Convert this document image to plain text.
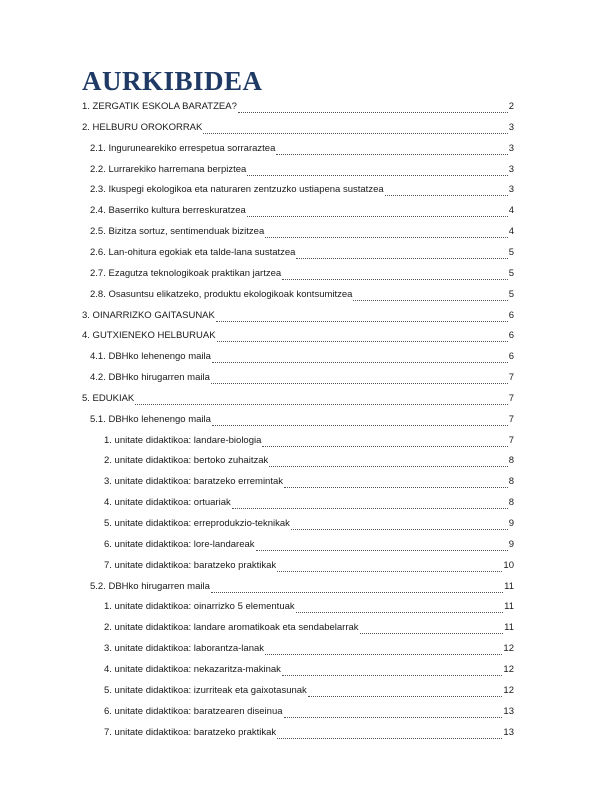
AURKIBIDEA
1. ZERGATIK ESKOLA BARATZEA?	2
2. HELBURU OROKORRAK	3
2.1. Ingurunearekiko errespetua sorraraztea	3
2.2. Lurrarekiko harremana berpiztea	3
2.3. Ikuspegi ekologikoa eta naturaren zentzuzko ustiapena sustatzea	3
2.4. Baserriko kultura berreskuratzea	4
2.5. Bizitza sortuz, sentimenduak bizitzea	4
2.6. Lan-ohitura egokiak eta talde-lana sustatzea	5
2.7. Ezagutza teknologikoak praktikan jartzea	5
2.8. Osasuntsu elikatzeko, produktu ekologikoak kontsumitzea	5
3. OINARRIZKO GAITASUNAK	6
4. GUTXIENEKO HELBURUAK	6
4.1. DBHko lehenengo maila	6
4.2. DBHko hirugarren maila	7
5. EDUKIAK	7
5.1. DBHko lehenengo maila	7
1. unitate didaktikoa: landare-biologia	7
2. unitate didaktikoa: bertoko zuhaitzak	8
3. unitate didaktikoa: baratzeko erremintak	8
4. unitate didaktikoa: ortuariak	8
5. unitate didaktikoa: erreprodukzio-teknikak	9
6. unitate didaktikoa: lore-landareak	9
7. unitate didaktikoa: baratzeko praktikak	10
5.2. DBHko hirugarren maila	11
1. unitate didaktikoa: oinarrizko 5 elementuak	11
2. unitate didaktikoa: landare aromatikoak eta sendabelarrak	11
3. unitate didaktikoa: laborantza-lanak	12
4. unitate didaktikoa: nekazaritza-makinak	12
5. unitate didaktikoa: izurriteak eta gaixotasunak	12
6. unitate didaktikoa: baratzearen diseinua	13
7. unitate didaktikoa: baratzeko praktikak	13
